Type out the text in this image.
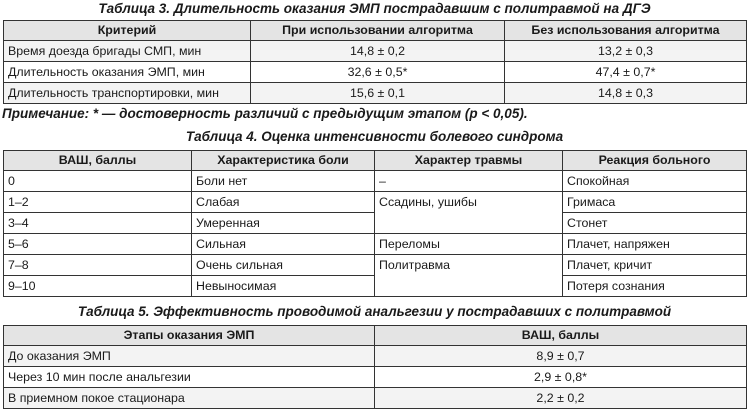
Таблица 3. Длительность оказания ЭМП пострадавшим с политравмой на ДГЭ
Критерий	При использовании алгоритма	Без использования алгоритма
Время доезда бригады СМП, мин	14,8 ± 0,2	13,2 ± 0,3
Длительность оказания ЭМП, мин	32,6 ± 0,5*	47,4 ± 0,7*
Длительность транспортировки, мин	15,6 ± 0,1	14,8 ± 0,3
Примечание: * — достоверность различий с предыдущим этапом (р < 0,05).
Таблица 4. Оценка интенсивности болевого синдрома
ВАШ, баллы	Характеристика боли	Характер травмы	Реакция больного
0	Боли нет	–	Спокойная
1–2	Слабая	Ссадины, ушибы	Гримаса
3–4	Умеренная		Стонет
5–6	Сильная	Переломы	Плачет, напряжен
7–8	Очень сильная	Политравма	Плачет, кричит
9–10	Невыносимая		Потеря сознания
Таблица 5. Эффективность проводимой анальгезии у пострадавших с политравмой
Этапы оказания ЭМП	ВАШ, баллы
До оказания ЭМП	8,9 ± 0,7
Через 10 мин после анальгезии	2,9 ± 0,8*
В приемном покое стационара	2,2 ± 0,2
